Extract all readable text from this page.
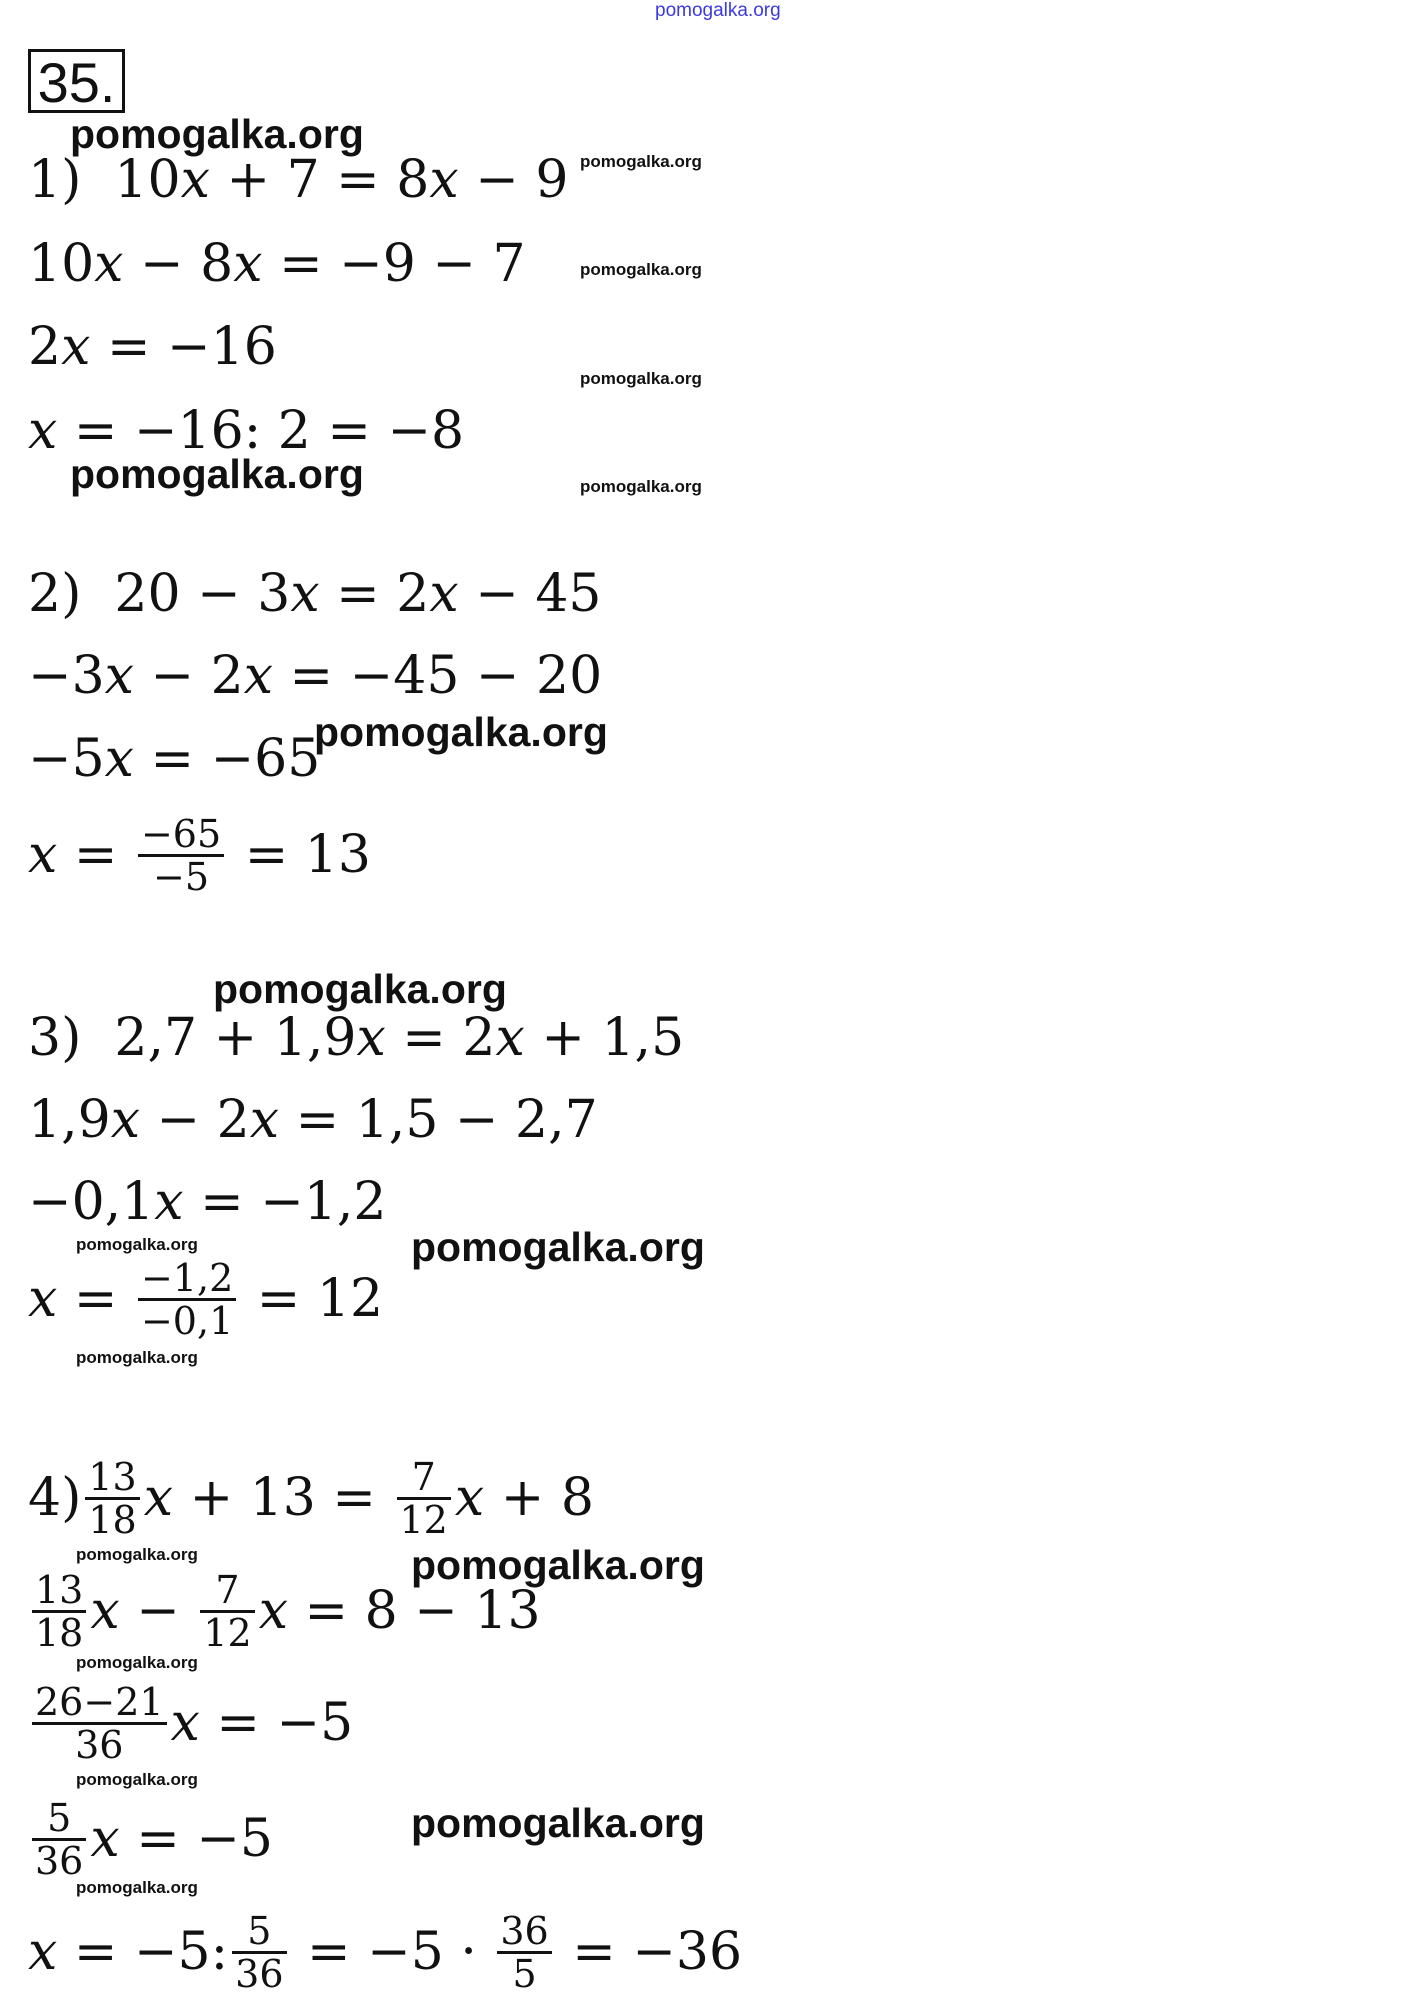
pomogalka.org
35.
pomogalka.org
pomogalka.org
pomogalka.org
pomogalka.org
pomogalka.org
pomogalka.org
pomogalka.org
pomogalka.org
pomogalka.org
pomogalka.org
pomogalka.org
pomogalka.org
pomogalka.org
pomogalka.org
pomogalka.org
pomogalka.org
pomogalka.org
1)  10 x + 7 = 8 x − 9
10 x − 8 x = −9 − 7
2 x = −16
x = −16: 2 = −8
2)  20 − 3 x = 2 x − 45
−3 x − 2 x = −45 − 20
−5 x = −65
$x = \frac{-65}{-5} = 13$
3)  2,7 + 1,9 x = 2 x + 1,5
1,9 x − 2 x = 1,5 − 2,7
−0,1 x = −1,2
$x = \frac{-1,2}{-0,1} = 12$
$4) \frac{13}{18}$ $x + 13 = \frac{7}{12}$ x + 8
$\frac{13}{18}$ $x - \frac{7}{12}$ x = 8 − 13
$\frac{26-21}{36}$ x = −5
$\frac{5}{36}$ x = −5
x = −5: $\frac{5}{36} = -5 \cdot \frac{36}{5} = -36$
